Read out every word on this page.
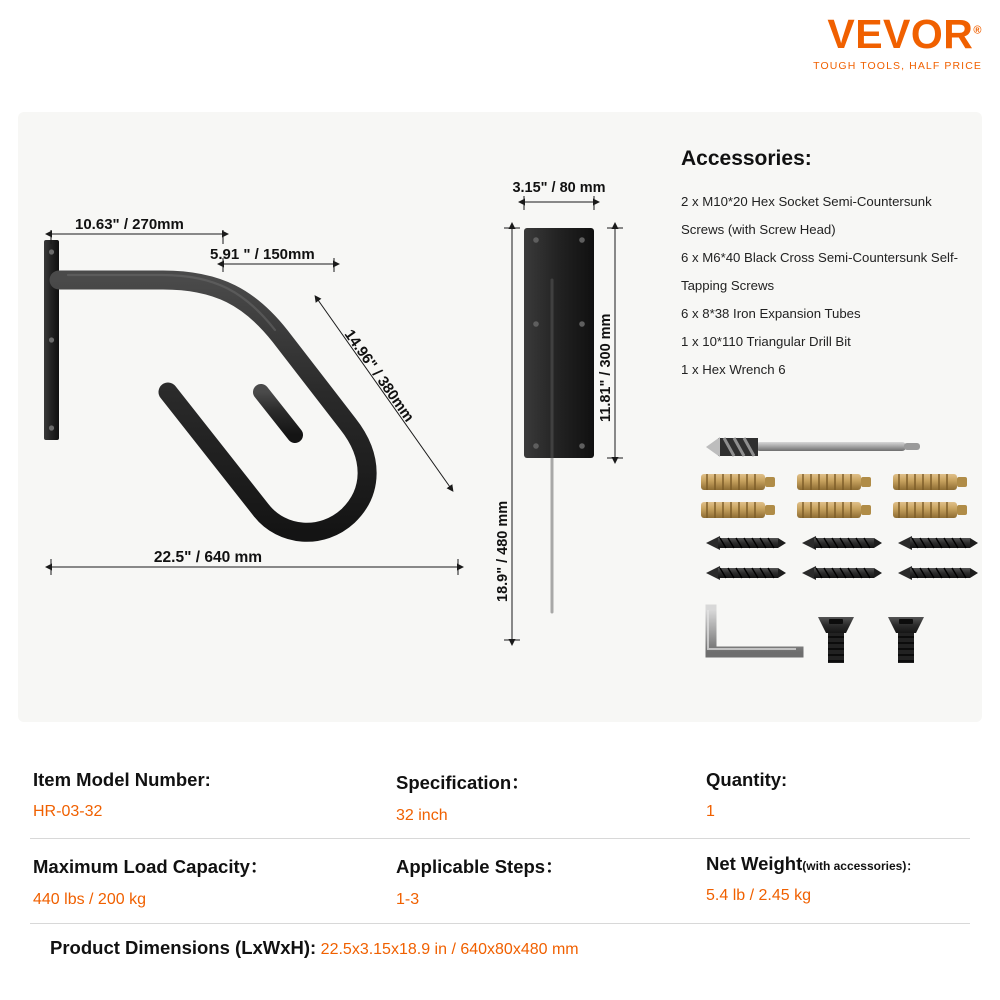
VEVOR®
TOUGH TOOLS, HALF PRICE
10.63" / 270mm
5.91 " / 150mm
14.96" / 380mm
22.5" / 640 mm
3.15" / 80 mm
11.81" / 300 mm
18.9" / 480 mm
Accessories:
2 x M10*20 Hex Socket Semi-Countersunk Screws (with Screw Head)
6 x M6*40 Black Cross Semi-Countersunk Self-Tapping Screws
6 x 8*38 Iron Expansion Tubes
1 x 10*110 Triangular Drill Bit
1 x Hex Wrench 6
Item Model Number:
HR-03-32
Specification：
32 inch
Quantity:
1
Maximum Load Capacity：
440 lbs / 200 kg
Applicable Steps：
1-3
Net Weight(with accessories)：
5.4 lb / 2.45 kg
Product Dimensions (LxWxH): 22.5x3.15x18.9 in / 640x80x480 mm
